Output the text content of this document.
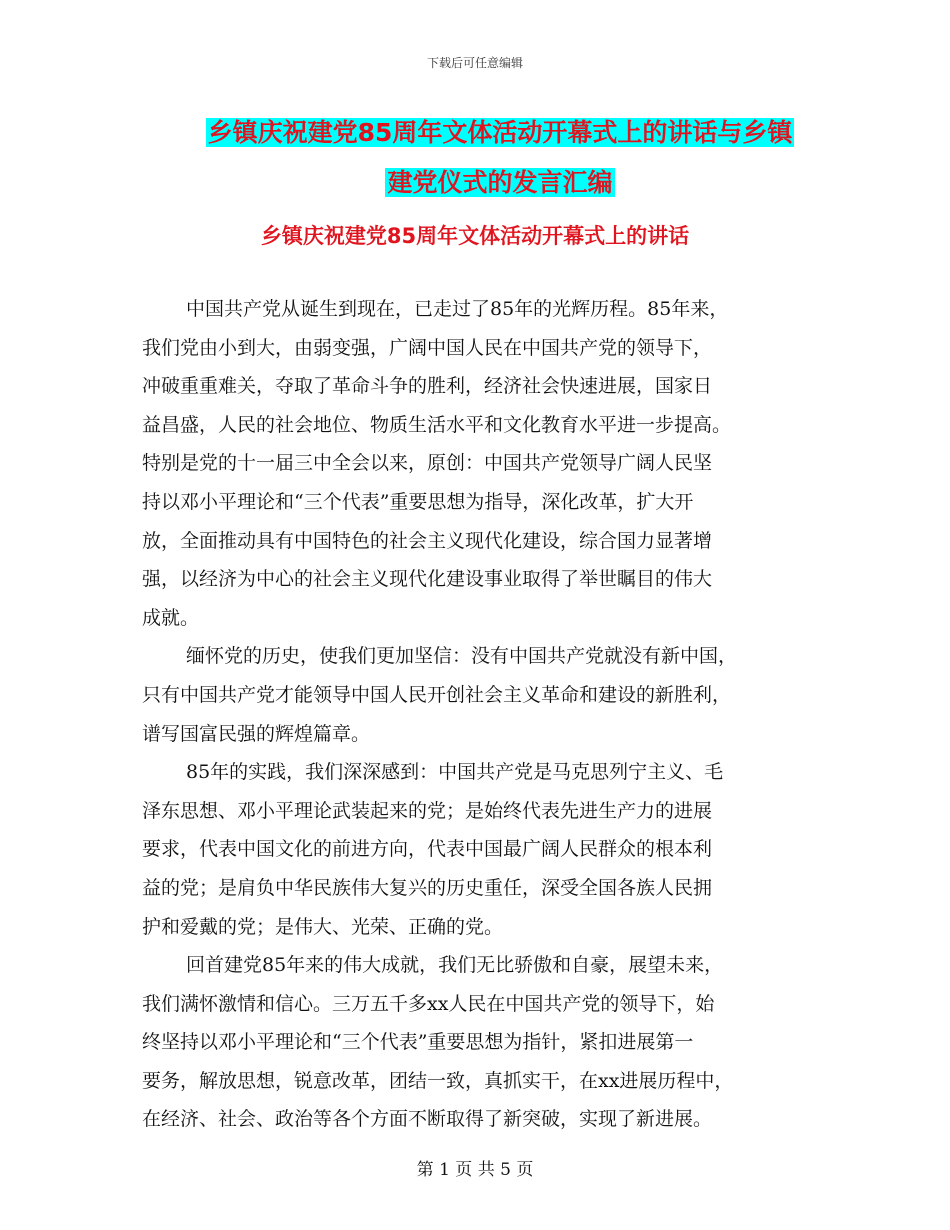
下载后可任意编辑
乡镇庆祝建党85周年文体活动开幕式上的讲话与乡镇
建党仪式的发言汇编
乡镇庆祝建党85周年文体活动开幕式上的讲话
中国共产党从诞生到现在，已走过了85年的光辉历程。85年来，
我们党由小到大，由弱变强，广阔中国人民在中国共产党的领导下，
冲破重重难关，夺取了革命斗争的胜利，经济社会快速进展，国家日
益昌盛，人民的社会地位、物质生活水平和文化教育水平进一步提高。
特别是党的十一届三中全会以来，原创：中国共产党领导广阔人民坚
持以邓小平理论和“三个代表”重要思想为指导，深化改革，扩大开
放，全面推动具有中国特色的社会主义现代化建设，综合国力显著增
强，以经济为中心的社会主义现代化建设事业取得了举世瞩目的伟大
成就。
缅怀党的历史，使我们更加坚信：没有中国共产党就没有新中国，
只有中国共产党才能领导中国人民开创社会主义革命和建设的新胜利，
谱写国富民强的辉煌篇章。
85年的实践，我们深深感到：中国共产党是马克思列宁主义、毛
泽东思想、邓小平理论武装起来的党；是始终代表先进生产力的进展
要求，代表中国文化的前进方向，代表中国最广阔人民群众的根本利
益的党；是肩负中华民族伟大复兴的历史重任，深受全国各族人民拥
护和爱戴的党；是伟大、光荣、正确的党。
回首建党85年来的伟大成就，我们无比骄傲和自豪，展望未来，
我们满怀激情和信心。三万五千多xx人民在中国共产党的领导下，始
终坚持以邓小平理论和“三个代表”重要思想为指针，紧扣进展第一
要务，解放思想，锐意改革，团结一致，真抓实干，在xx进展历程中，
在经济、社会、政治等各个方面不断取得了新突破，实现了新进展。
第 1 页 共 5 页
